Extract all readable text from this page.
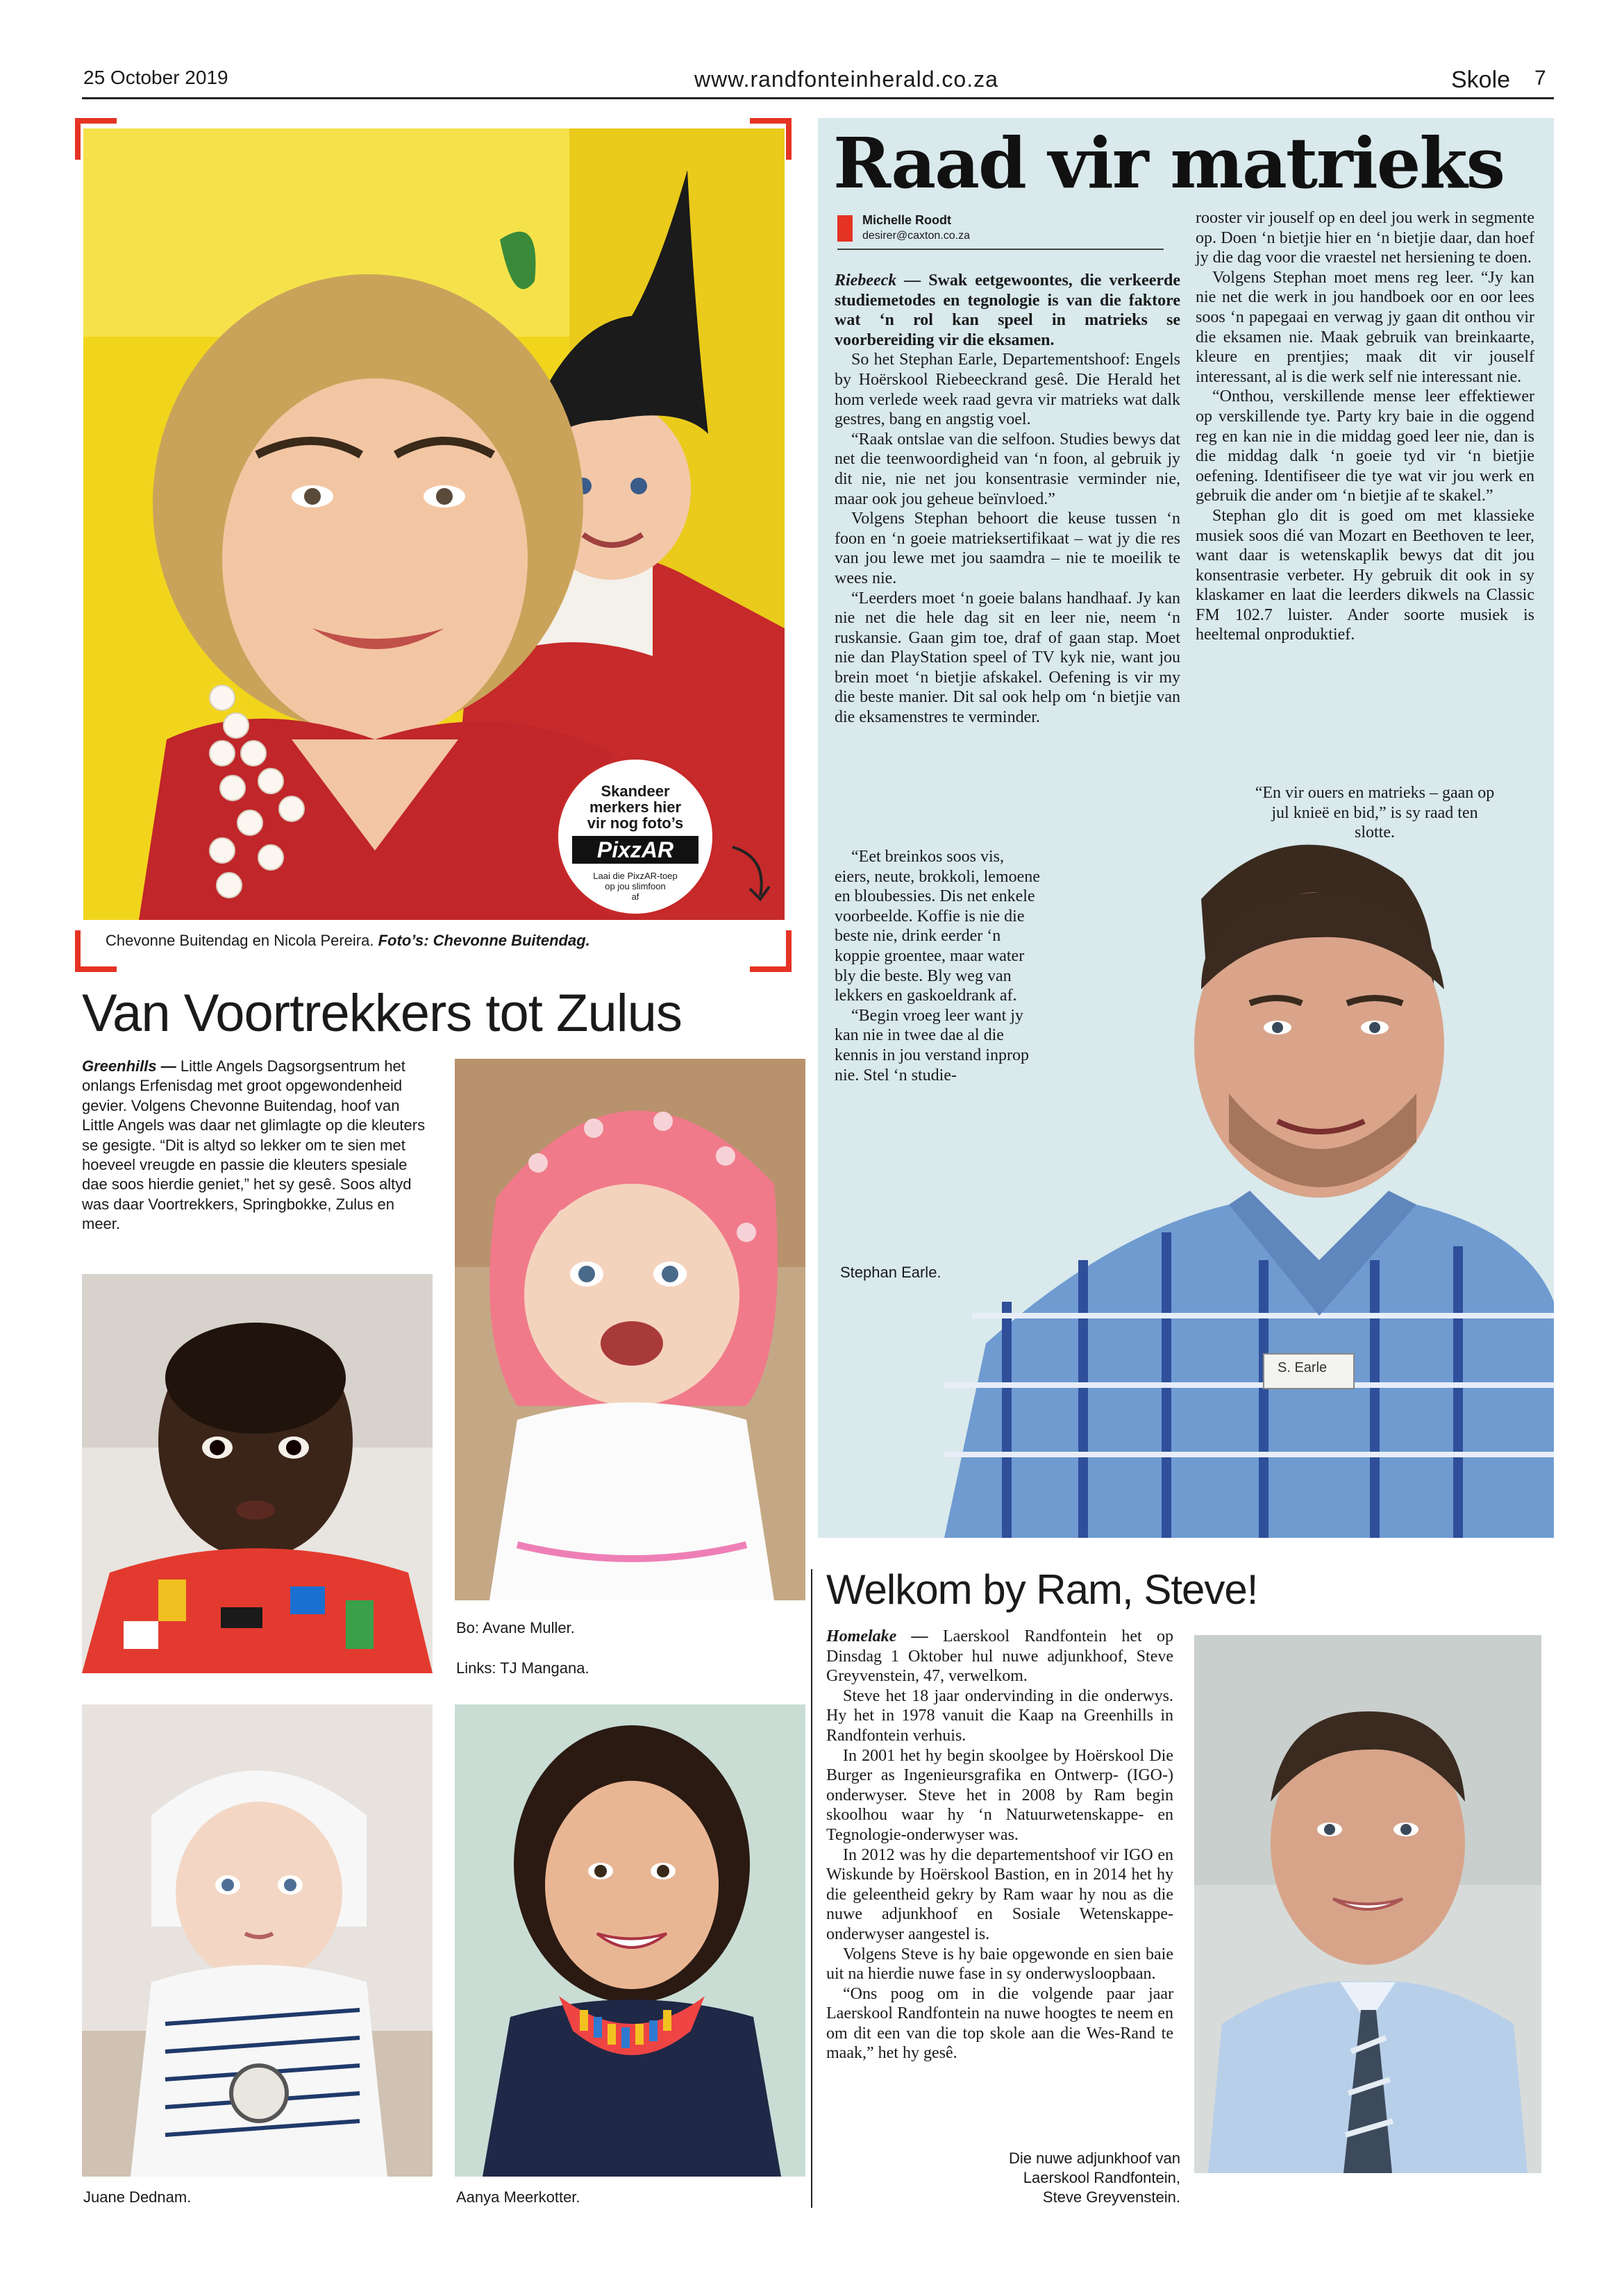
25 October 2019	www.randfonteinherald.co.za	Skole 7
Skandeer
merkers hier
vir nog foto’s
PixzAR
Laai die PixzAR-toep
op jou slimfoon
af
Chevonne Buitendag en Nicola Pereira. Foto’s: Chevonne Buitendag.
Van Voortrekkers tot Zulus
Greenhills — Little Angels Dagsorgsentrum het onlangs Erfenisdag met groot opgewondenheid gevier. Volgens Chevonne Buitendag, hoof van Little Angels was daar net glimlagte op die kleuters se gesigte. “Dit is altyd so lekker om te sien met hoeveel vreugde en passie die kleuters spesiale dae soos hierdie geniet,” het sy gesê. Soos altyd was daar Voortrekkers, Springbokke, Zulus en meer.
Bo: Avane Muller.
Links: TJ Mangana.
Juane Dednam.	Aanya Meerkotter.
Raad vir matrieks
Michelle Roodt
desirer@caxton.co.za

Riebeeck — Swak eetgewoontes, die verkeerde studiemetodes en tegnologie is van die faktore wat ‘n rol kan speel in matrieks se voorbereiding vir die eksamen.

So het Stephan Earle, Departementshoof: Engels by Hoërskool Riebeeckrand gesê. Die Herald het hom verlede week raad gevra vir matrieks wat dalk gestres, bang en angstig voel.

“Raak ontslae van die selfoon. Studies bewys dat net die teenwoordigheid van ‘n foon, al gebruik jy dit nie, nie net jou konsentrasie verminder nie, maar ook jou geheue beïnvloed.”

Volgens Stephan behoort die keuse tussen ‘n foon en ‘n goeie matrieksertifikaat – wat jy die res van jou lewe met jou saamdra – nie te moeilik te wees nie.

“Leerders moet ‘n goeie balans handhaaf. Jy kan nie net die hele dag sit en leer nie, neem ‘n ruskansie. Gaan gim toe, draf of gaan stap. Moet nie dan PlayStation speel of TV kyk nie, want jou brein moet ‘n bietjie afskakel. Oefening is vir my die beste manier. Dit sal ook help om ‘n bietjie van die eksamenstres te verminder.

“Eet breinkos soos vis, eiers, neute, brokkoli, lemoene en bloubessies. Dis net enkele voorbeelde. Koffie is nie die beste nie, drink eerder ‘n koppie groentee, maar water bly die beste. Bly weg van lekkers en gaskoeldrank af.

“Begin vroeg leer want jy kan nie in twee dae al die kennis in jou verstand inprop nie. Stel ‘n studie-

rooster vir jouself op en deel jou werk in segmente op. Doen ‘n bietjie hier en ‘n bietjie daar, dan hoef jy die dag voor die vraestel net hersiening te doen.

Volgens Stephan moet mens reg leer. “Jy kan nie net die werk in jou handboek oor en oor lees soos ‘n papegaai en verwag jy gaan dit onthou vir die eksamen nie. Maak gebruik van breinkaarte, kleure en prentjies; maak dit vir jouself interessant, al is die werk self nie interessant nie.

“Onthou, verskillende mense leer effektiewer op verskillende tye. Party kry baie in die oggend reg en kan nie in die middag goed leer nie, dan is die middag dalk ‘n goeie tyd vir ‘n bietjie oefening. Identifiseer die tye wat vir jou werk en gebruik die ander om ‘n bietjie af te skakel.”

Stephan glo dit is goed om met klassieke musiek soos dié van Mozart en Beethoven te leer, want daar is wetenskaplik bewys dat dit jou konsentrasie verbeter. Hy gebruik dit ook in sy klaskamer en laat die leerders dikwels na Classic FM 102.7 luister. Ander soorte musiek is heeltemal onproduktief.

“En vir ouers en matrieks – gaan op jul knieë en bid,” is sy raad ten slotte.
S. Earle
Stephan Earle.
Welkom by Ram, Steve!

Homelake — Laerskool Randfontein het op Dinsdag 1 Oktober hul nuwe adjunkhoof, Steve Greyvenstein, 47, verwelkom.

Steve het 18 jaar ondervinding in die onderwys. Hy het in 1978 vanuit die Kaap na Greenhills in Randfontein verhuis.

In 2001 het hy begin skoolgee by Hoërskool Die Burger as Ingenieursgrafika en Ontwerp- (IGO-) onderwyser. Steve het in 2008 by Ram begin skoolhou waar hy ‘n Natuurwetenskappe- en Tegnologie-onderwyser was.

In 2012 was hy die departementshoof vir IGO en Wiskunde by Hoërskool Bastion, en in 2014 het hy die geleentheid gekry by Ram waar hy nou as die nuwe adjunkhoof en Sosiale Wetenskappe-onderwyser aangestel is.

Volgens Steve is hy baie opgewonde en sien baie uit na hierdie nuwe fase in sy onderwysloopbaan.

“Ons poog om in die volgende paar jaar Laerskool Randfontein na nuwe hoogtes te neem en om dit een van die top skole aan die Wes-Rand te maak,” het hy gesê.

Die nuwe adjunkhoof van
Laerskool Randfontein,
Steve Greyvenstein.
